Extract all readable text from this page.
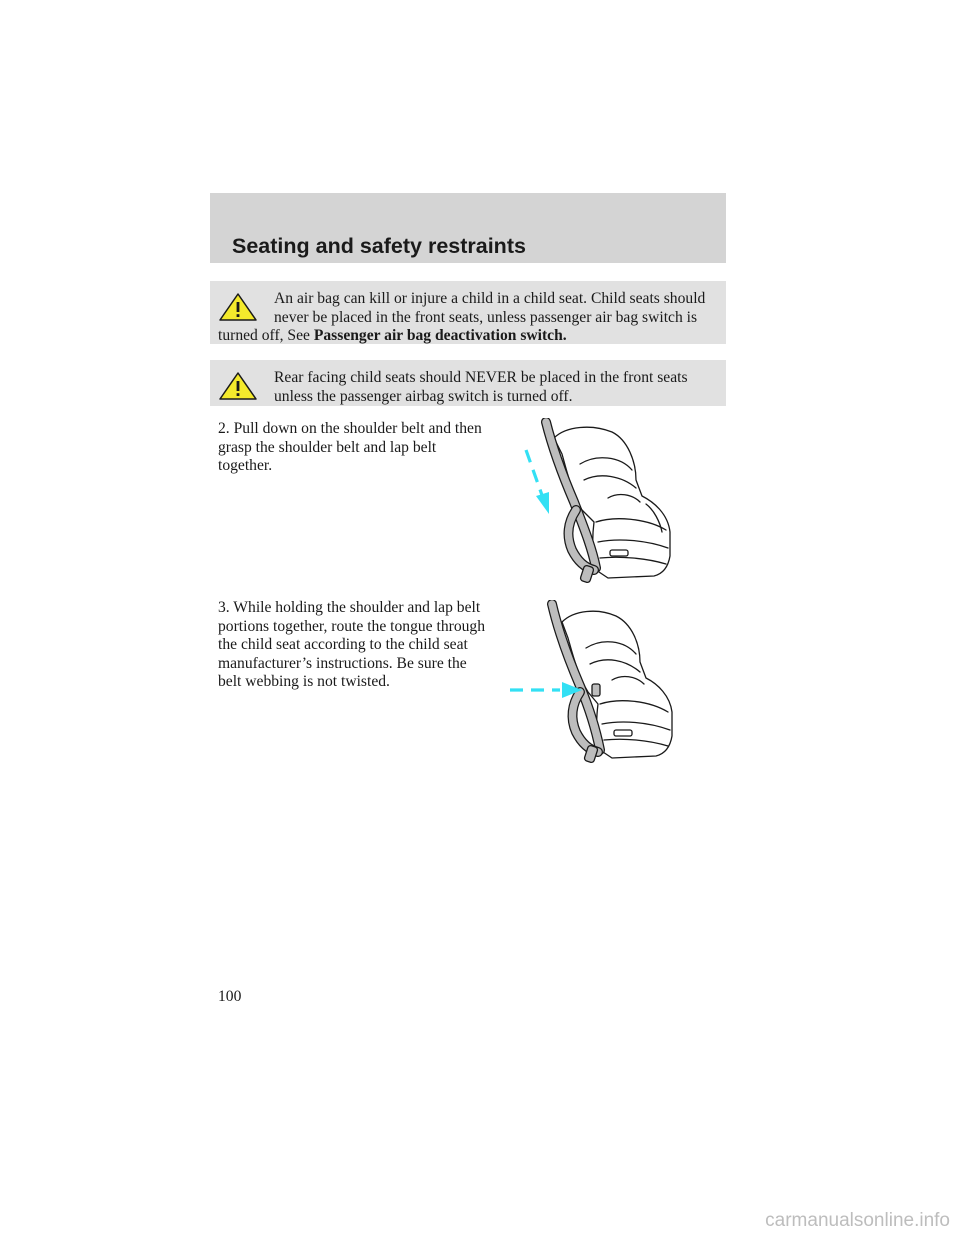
Seating and safety restraints
An air bag can kill or injure a child in a child seat. Child seats should never be placed in the front seats, unless passenger air bag switch is turned off, See Passenger air bag deactivation switch.
Rear facing child seats should NEVER be placed in the front seats unless the passenger airbag switch is turned off.

2. Pull down on the shoulder belt and then grasp the shoulder belt and lap belt together.

3. While holding the shoulder and lap belt portions together, route the tongue through the child seat according to the child seat manufacturer’s instructions. Be sure the belt webbing is not twisted.

100

carmanualsonline.info
